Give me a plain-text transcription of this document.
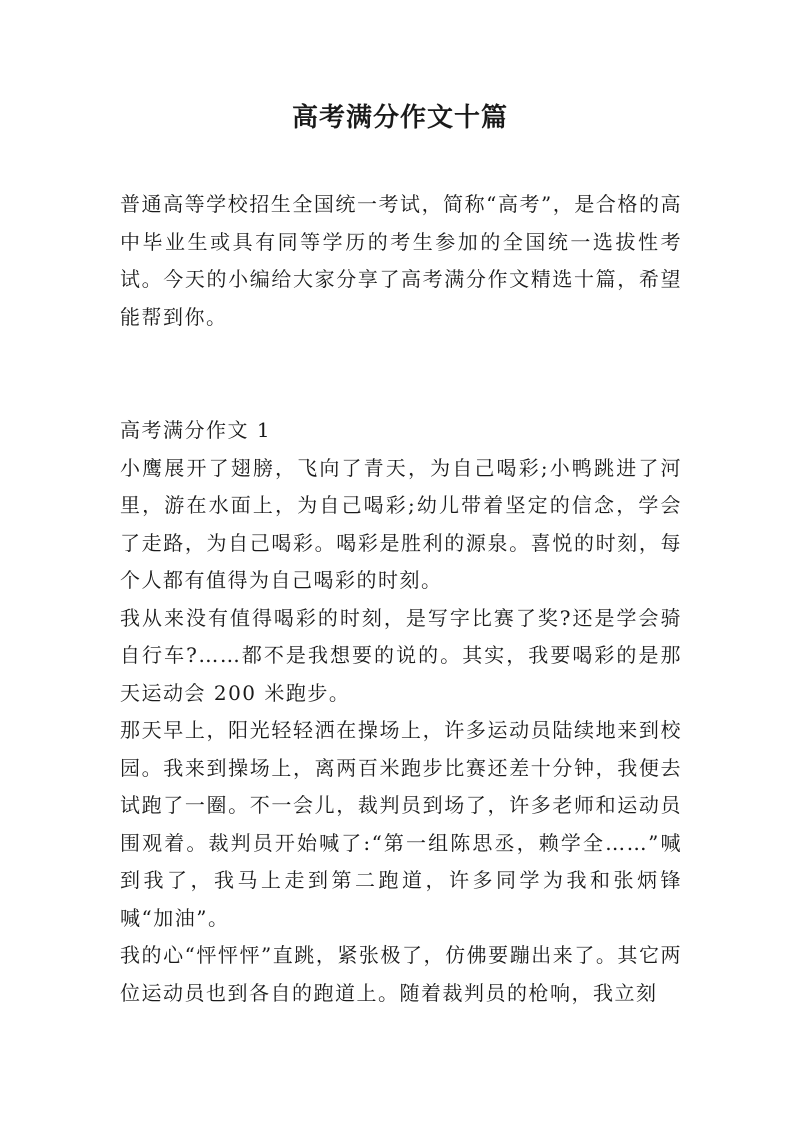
高考满分作文十篇

普通高等学校招生全国统一考试，简称“高考”，是合格的高中毕业生或具有同等学历的考生参加的全国统一选拔性考试。今天的小编给大家分享了高考满分作文精选十篇，希望能帮到你。

高考满分作文 1

小鹰展开了翅膀，飞向了青天，为自己喝彩;小鸭跳进了河里，游在水面上，为自己喝彩;幼儿带着坚定的信念，学会了走路，为自己喝彩。喝彩是胜利的源泉。喜悦的时刻，每个人都有值得为自己喝彩的时刻。

我从来没有值得喝彩的时刻，是写字比赛了奖?还是学会骑自行车?……都不是我想要的说的。其实，我要喝彩的是那天运动会 200 米跑步。

那天早上，阳光轻轻洒在操场上，许多运动员陆续地来到校园。我来到操场上，离两百米跑步比赛还差十分钟，我便去试跑了一圈。不一会儿，裁判员到场了，许多老师和运动员围观着。裁判员开始喊了:“第一组陈思丞，赖学全……”喊到我了，我马上走到第二跑道，许多同学为我和张炳锋喊“加油”。

我的心“怦怦怦”直跳，紧张极了，仿佛要蹦出来了。其它两位运动员也到各自的跑道上。随着裁判员的枪响，我立刻
